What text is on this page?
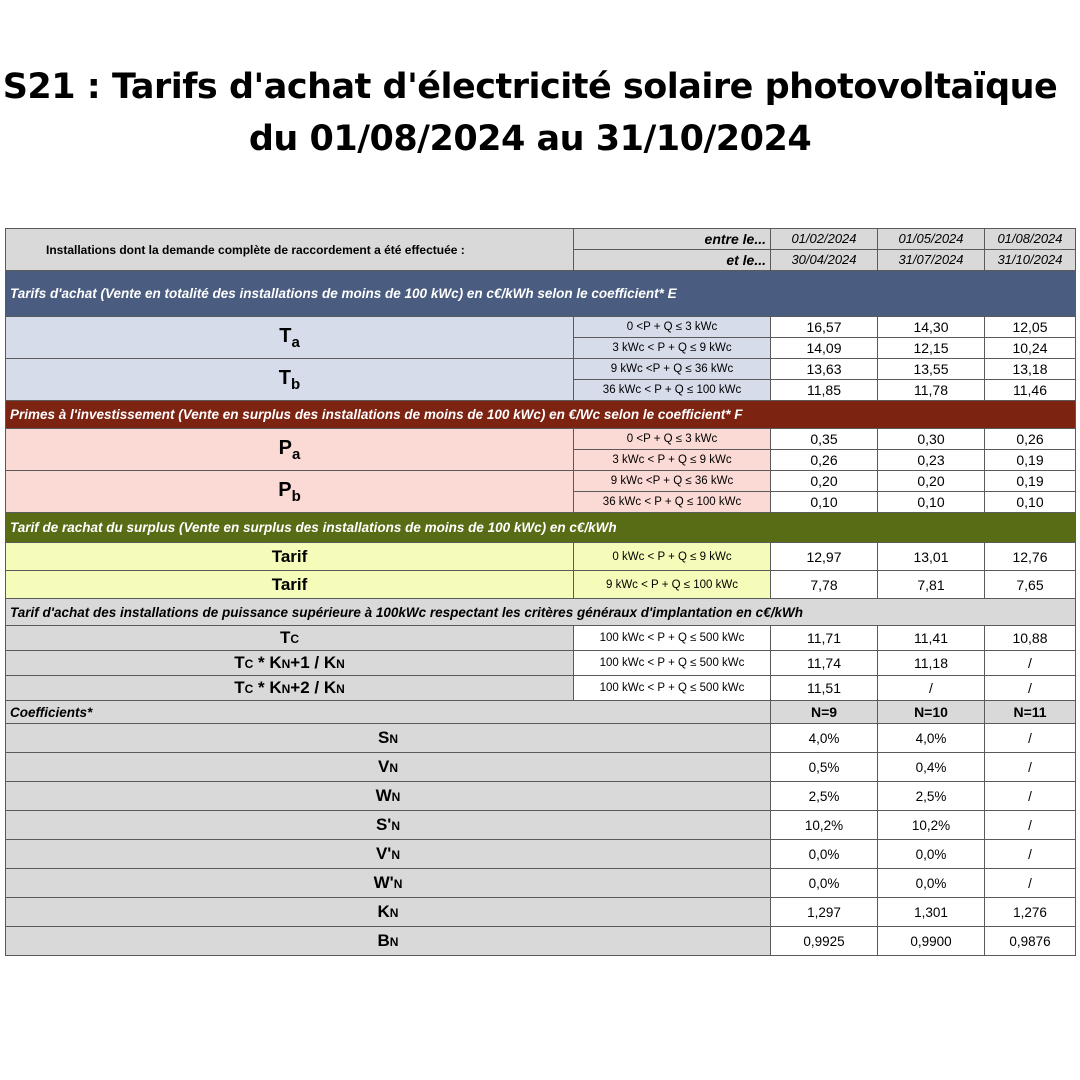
S21 : Tarifs d'achat d'électricité solaire photovoltaïque
du 01/08/2024 au 31/10/2024
Installations dont la demande complète de raccordement a été effectuée :	entre le...	01/02/2024	01/05/2024	01/08/2024
	et le...	30/04/2024	31/07/2024	31/10/2024
Tarifs d'achat (Vente en totalité des installations de moins de 100 kWc) en c€/kWh selon le coefficient* E				
$T_a$	0 <P + Q ≤ 3 kWc	16,57	14,30	12,05
	3 kWc < P + Q ≤ 9 kWc	14,09	12,15	10,24
$T_b$	9 kWc <P + Q ≤ 36 kWc	13,63	13,55	13,18
	36 kWc < P + Q ≤ 100 kWc	11,85	11,78	11,46
Primes à l'investissement (Vente en surplus des installations de moins de 100 kWc) en €/Wc selon le coefficient* F				
$P_a$	0 <P + Q ≤ 3 kWc	0,35	0,30	0,26
	3 kWc < P + Q ≤ 9 kWc	0,26	0,23	0,19
$P_b$	9 kWc <P + Q ≤ 36 kWc	0,20	0,20	0,19
	36 kWc < P + Q ≤ 100 kWc	0,10	0,10	0,10
Tarif de rachat du surplus (Vente en surplus des installations de moins de 100 kWc) en c€/kWh				
Tarif	0 kWc < P + Q ≤ 9 kWc	12,97	13,01	12,76
Tarif	9 kWc < P + Q ≤ 100 kWc	7,78	7,81	7,65
Tarif d'achat des installations de puissance supérieure à 100kWc respectant les critères généraux d'implantation en c€/kWh				
Tc	100 kWc < P + Q ≤ 500 kWc	11,71	11,41	10,88
Tc * Kn+1 / Kn	100 kWc < P + Q ≤ 500 kWc	11,74	11,18	/
Tc * Kn+2 / Kn	100 kWc < P + Q ≤ 500 kWc	11,51	/	/
Coefficients*		N=9	N=10	N=11
Sn		4,0%	4,0%	/
Vn		0,5%	0,4%	/
Wn		2,5%	2,5%	/
S'n		10,2%	10,2%	/
V'n		0,0%	0,0%	/
W'n		0,0%	0,0%	/
Kn		1,297	1,301	1,276
Bn		0,9925	0,9900	0,9876
